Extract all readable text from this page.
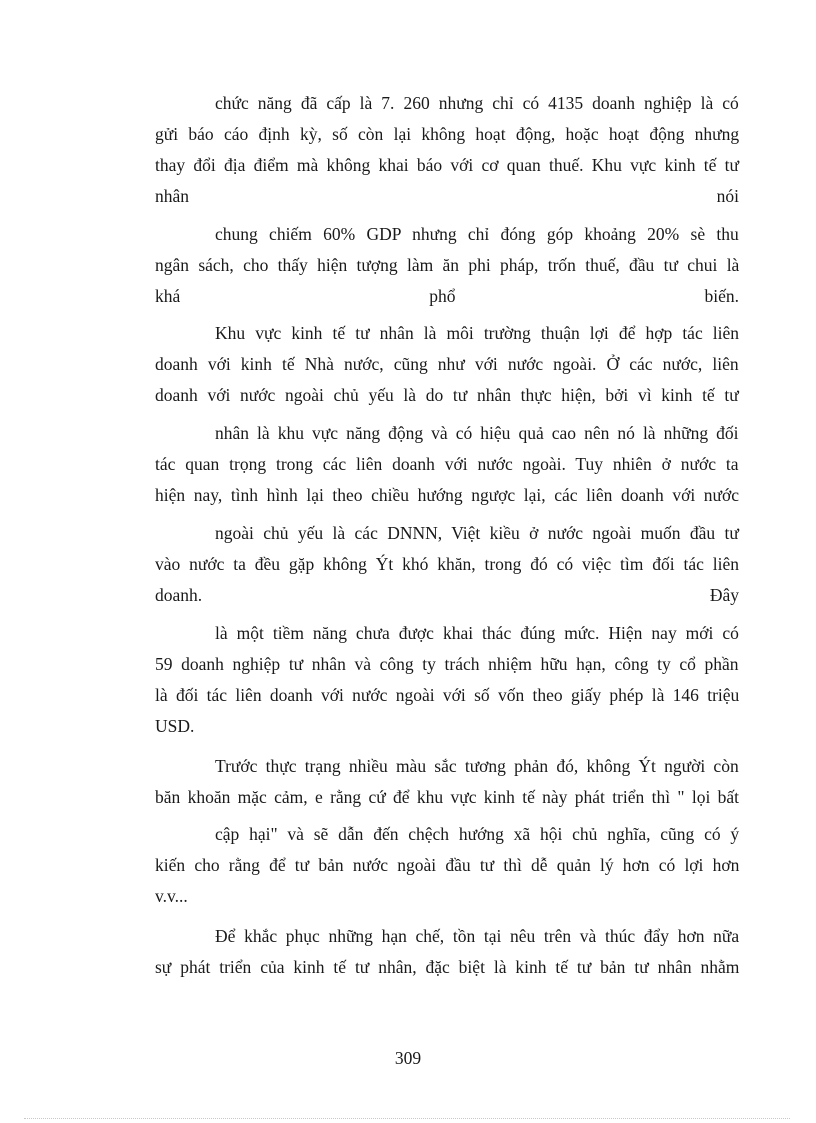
chức năng đã cấp là 7. 260 nhưng chỉ có 4135 doanh nghiệp là có
gửi báo cáo định kỳ, số còn lại không hoạt động, hoặc hoạt động nhưng
thay đổi địa điểm mà không khai báo với cơ quan thuế. Khu vực kinh tế tư
nhân	nói
chung chiếm 60% GDP nhưng chỉ đóng góp khoảng 20% sè thu
ngân sách, cho thấy hiện tượng làm ăn phi pháp, trốn thuế, đầu tư chui là
khá	phổ	biến.
Khu vực kinh tế tư nhân là môi trường thuận lợi để hợp tác liên
doanh với kinh tế Nhà nước, cũng như với nước ngoài. Ở các nước, liên
doanh với nước ngoài chủ yếu là do tư nhân thực hiện, bởi vì kinh tế tư
nhân là khu vực năng động và có hiệu quả cao nên nó là những đối
tác quan trọng trong các liên doanh với nước ngoài. Tuy nhiên ở nước ta
hiện nay, tình hình lại theo chiều hướng ngược lại, các liên doanh với nước
ngoài chủ yếu là các DNNN, Việt kiều ở nước ngoài muốn đầu tư
vào nước ta đều gặp không Ýt khó khăn, trong đó có việc tìm đối tác liên
doanh.	Đây
là một tiềm năng chưa được khai thác đúng mức. Hiện nay mới có
59 doanh nghiệp tư nhân và công ty trách nhiệm hữu hạn, công ty cổ phần
là đối tác liên doanh với nước ngoài với số vốn theo giấy phép là 146 triệu
USD.
Trước thực trạng nhiều màu sắc tương phản đó, không Ýt người còn
băn khoăn mặc cảm, e rằng cứ để khu vực kinh tế này phát triển thì " lọi bất
cập hại" và sẽ dẫn đến chệch hướng xã hội chủ nghĩa, cũng có ý
kiến cho rằng để tư bản nước ngoài đầu tư thì dễ quản lý hơn có lợi hơn
v.v...
Để khắc phục những hạn chế, tồn tại nêu trên và thúc đẩy hơn nữa
sự phát triển của kinh tế tư nhân, đặc biệt là kinh tế tư bản tư nhân nhằm
309
